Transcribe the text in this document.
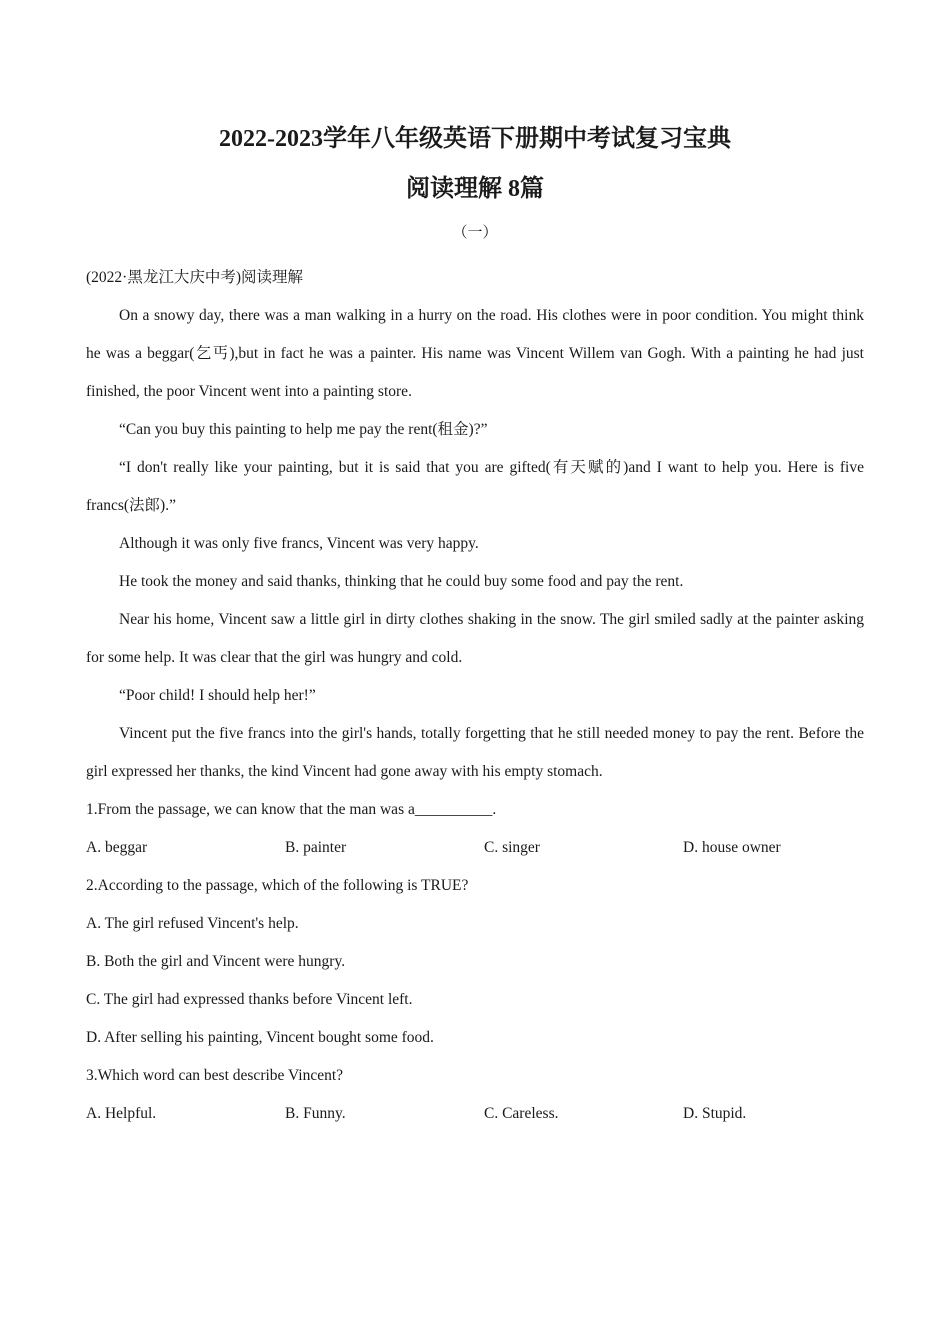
2022-2023学年八年级英语下册期中考试复习宝典
阅读理解 8篇
（一）

(2022·黑龙江大庆中考)阅读理解

On a snowy day, there was a man walking in a hurry on the road. His clothes were in poor condition. You might think he was a beggar(乞丐),but in fact he was a painter. His name was Vincent Willem van Gogh. With a painting he had just finished, the poor Vincent went into a painting store.

“Can you buy this painting to help me pay the rent(租金)?”

“I don't really like your painting, but it is said that you are gifted(有天赋的)and I want to help you. Here is five francs(法郎).”

Although it was only five francs, Vincent was very happy.

He took the money and said thanks, thinking that he could buy some food and pay the rent.

Near his home, Vincent saw a little girl in dirty clothes shaking in the snow. The girl smiled sadly at the painter asking for some help. It was clear that the girl was hungry and cold.

“Poor child! I should help her!”

Vincent put the five francs into the girl's hands, totally forgetting that he still needed money to pay the rent. Before the girl expressed her thanks, the kind Vincent had gone away with his empty stomach.

1.From the passage, we can know that the man was a__________.

A. beggar	B. painter	C. singer	D. house owner

2.According to the passage, which of the following is TRUE?

A. The girl refused Vincent's help.

B. Both the girl and Vincent were hungry.

C. The girl had expressed thanks before Vincent left.

D. After selling his painting, Vincent bought some food.

3.Which word can best describe Vincent?

A. Helpful.	B. Funny.	C. Careless.	D. Stupid.
